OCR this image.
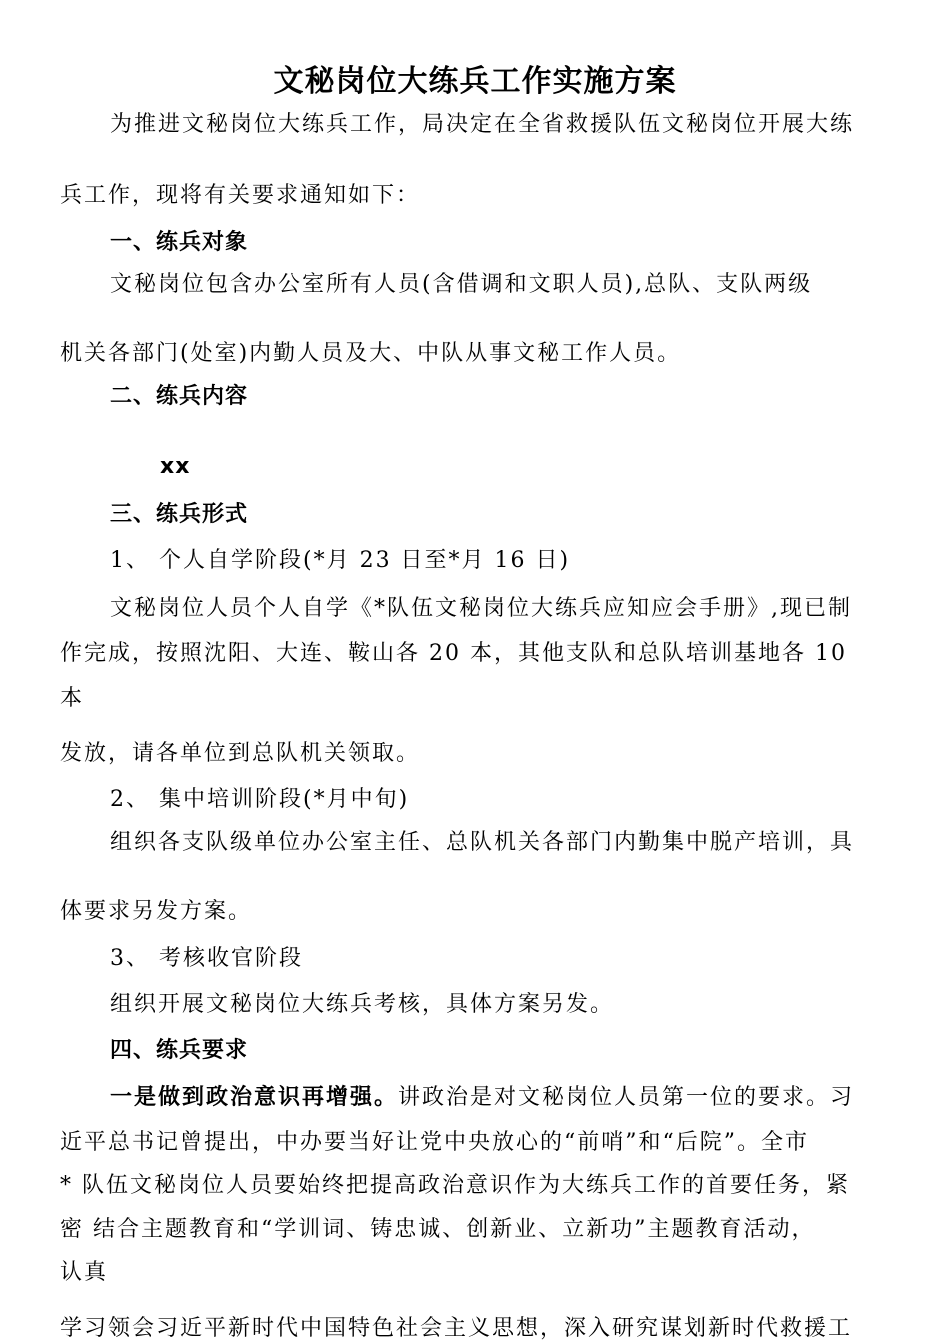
文秘岗位大练兵工作实施方案
为推进文秘岗位大练兵工作，局决定在全省救援队伍文秘岗位开展大练
兵工作，现将有关要求通知如下：
一、练兵对象
文秘岗位包含办公室所有人员(含借调和文职人员),总队、支队两级
机关各部门(处室)内勤人员及大、中队从事文秘工作人员。
二、练兵内容
xx
三、练兵形式
1、 个人自学阶段(*月 23 日至*月 16 日)
文秘岗位人员个人自学《*队伍文秘岗位大练兵应知应会手册》,现已制
作完成，按照沈阳、大连、鞍山各 20 本，其他支队和总队培训基地各 10
本
发放，请各单位到总队机关领取。
2、 集中培训阶段(*月中旬)
组织各支队级单位办公室主任、总队机关各部门内勤集中脱产培训，具
体要求另发方案。
3、 考核收官阶段
组织开展文秘岗位大练兵考核，具体方案另发。
四、练兵要求
一是做到政治意识再增强。讲政治是对文秘岗位人员第一位的要求。习
近平总书记曾提出，中办要当好让党中央放心的“前哨”和“后院”。全市
* 队伍文秘岗位人员要始终把提高政治意识作为大练兵工作的首要任务，紧
密 结合主题教育和“学训词、铸忠诚、创新业、立新功”主题教育活动，
认真
学习领会习近平新时代中国特色社会主义思想，深入研究谋划新时代救援工
